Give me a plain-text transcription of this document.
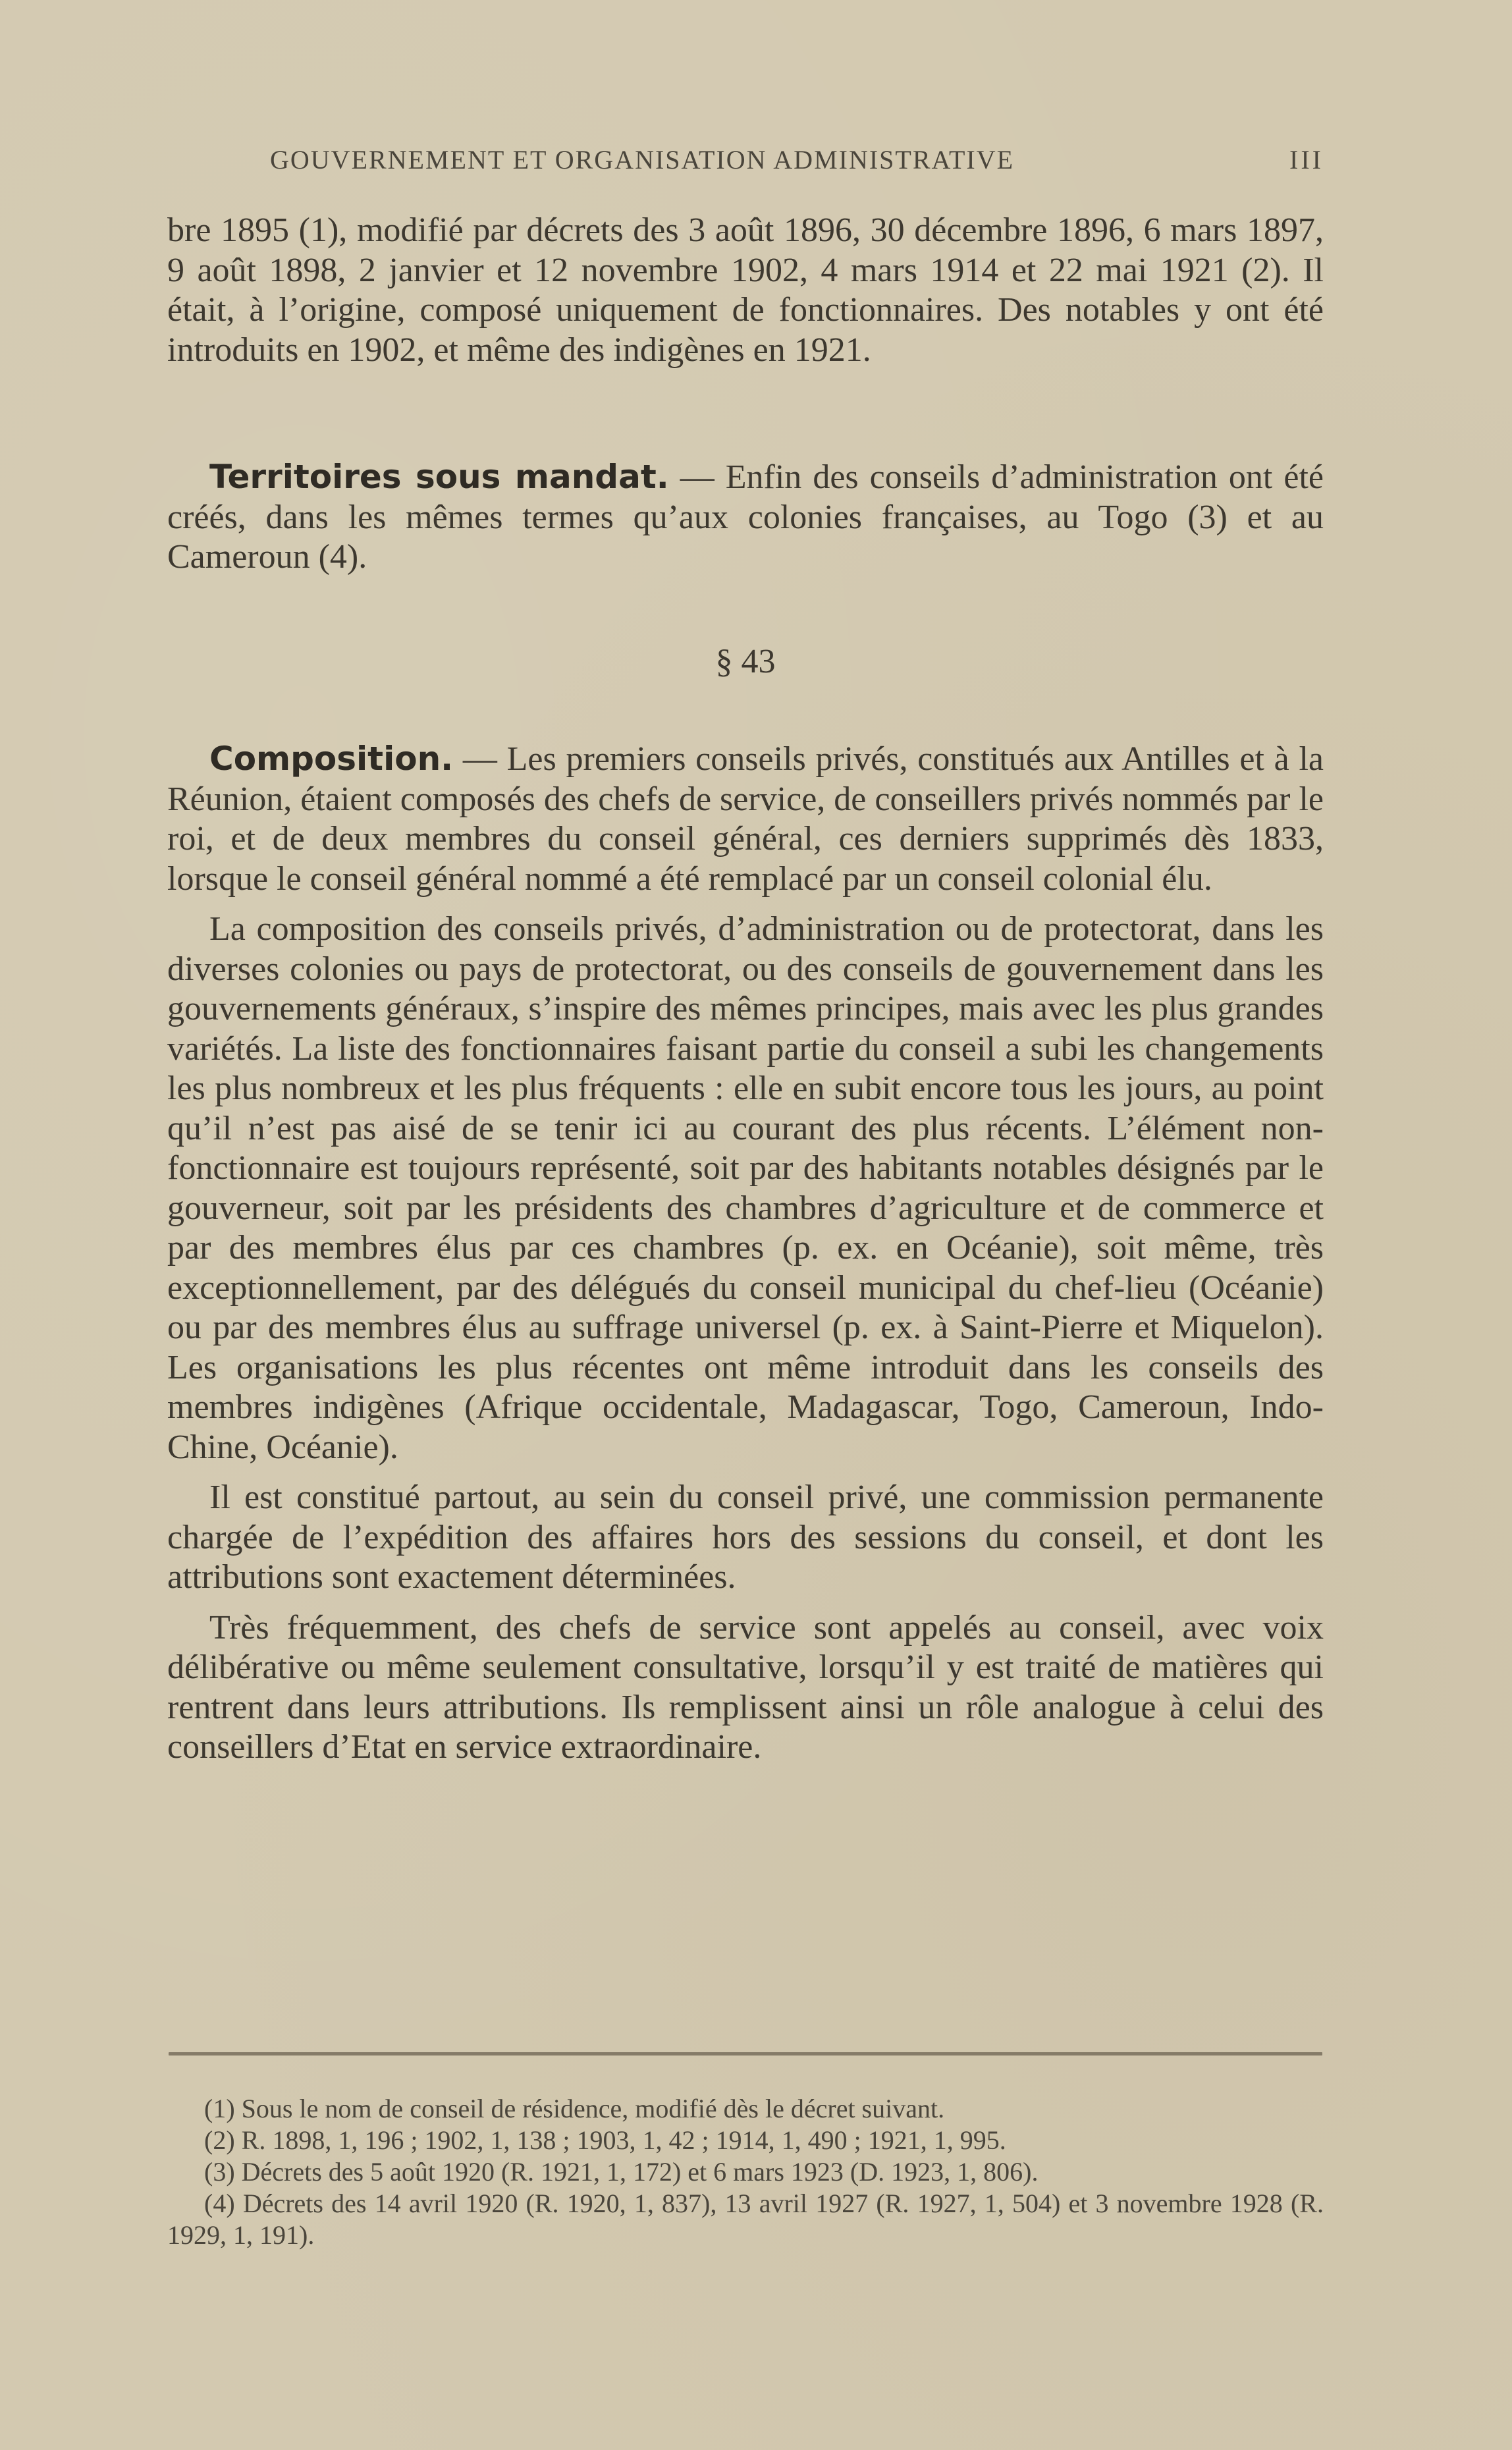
GOUVERNEMENT ET ORGANISATION ADMINISTRATIVE	III

bre 1895 (1), modifié par décrets des 3 août 1896, 30 décembre 1896, 6 mars 1897, 9 août 1898, 2 janvier et 12 novembre 1902, 4 mars 1914 et 22 mai 1921 (2). Il était, à l’origine, composé uniquement de fonctionnaires. Des notables y ont été introduits en 1902, et même des indigènes en 1921.

Territoires sous mandat. — Enfin des conseils d’administration ont été créés, dans les mêmes termes qu’aux colonies françaises, au Togo (3) et au Cameroun (4).

§ 43

Composition. — Les premiers conseils privés, constitués aux Antilles et à la Réunion, étaient composés des chefs de service, de conseillers privés nommés par le roi, et de deux membres du conseil général, ces derniers supprimés dès 1833, lorsque le conseil général nommé a été remplacé par un conseil colonial élu.

La composition des conseils privés, d’administration ou de protectorat, dans les diverses colonies ou pays de protectorat, ou des conseils de gouvernement dans les gouvernements généraux, s’inspire des mêmes principes, mais avec les plus grandes variétés. La liste des fonctionnaires faisant partie du conseil a subi les changements les plus nombreux et les plus fréquents : elle en subit encore tous les jours, au point qu’il n’est pas aisé de se tenir ici au courant des plus récents. L’élément non-fonctionnaire est toujours représenté, soit par des habitants notables désignés par le gouverneur, soit par les présidents des chambres d’agriculture et de commerce et par des membres élus par ces chambres (p. ex. en Océanie), soit même, très exceptionnellement, par des délégués du conseil municipal du chef-lieu (Océanie) ou par des membres élus au suffrage universel (p. ex. à Saint-Pierre et Miquelon). Les organisations les plus récentes ont même introduit dans les conseils des membres indigènes (Afrique occidentale, Madagascar, Togo, Cameroun, Indo-Chine, Océanie).

Il est constitué partout, au sein du conseil privé, une commission permanente chargée de l’expédition des affaires hors des sessions du conseil, et dont les attributions sont exactement déterminées.

Très fréquemment, des chefs de service sont appelés au conseil, avec voix délibérative ou même seulement consultative, lorsqu’il y est traité de matières qui rentrent dans leurs attributions. Ils remplissent ainsi un rôle analogue à celui des conseillers d’Etat en service extraordinaire.

(1) Sous le nom de conseil de résidence, modifié dès le décret suivant.

(2) R. 1898, 1, 196 ; 1902, 1, 138 ; 1903, 1, 42 ; 1914, 1, 490 ; 1921, 1, 995.

(3) Décrets des 5 août 1920 (R. 1921, 1, 172) et 6 mars 1923 (D. 1923, 1, 806).

(4) Décrets des 14 avril 1920 (R. 1920, 1, 837), 13 avril 1927 (R. 1927, 1, 504) et 3 novembre 1928 (R. 1929, 1, 191).
